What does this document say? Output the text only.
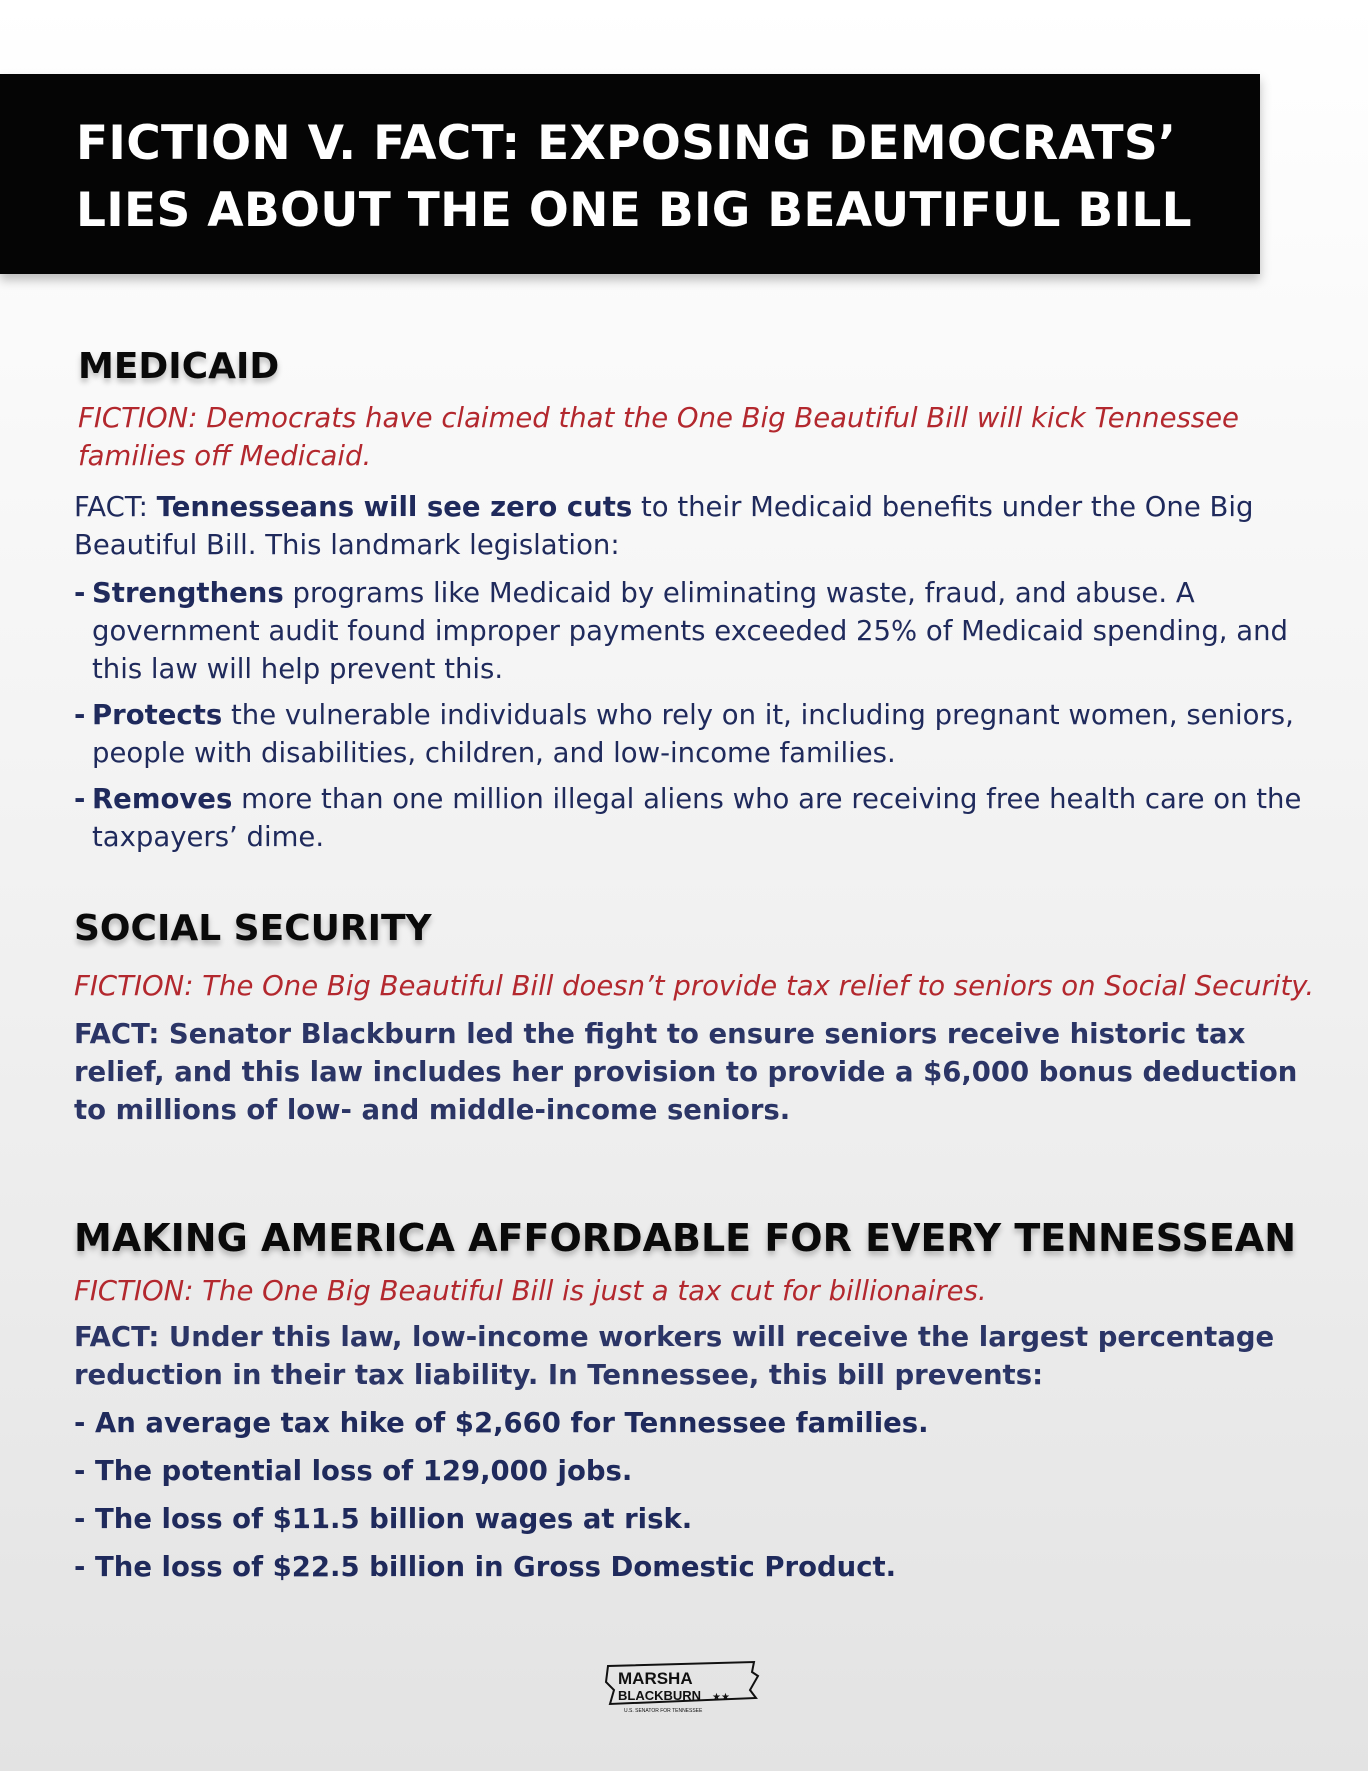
FICTION V. FACT: EXPOSING DEMOCRATS’
LIES ABOUT THE ONE BIG BEAUTIFUL BILL
MEDICAID

FICTION: Democrats have claimed that the One Big Beautiful Bill will kick Tennessee families off Medicaid.

FACT: Tennesseans will see zero cuts to their Medicaid benefits under the One Big Beautiful Bill. This landmark legislation:

- Strengthens programs like Medicaid by eliminating waste, fraud, and abuse. A government audit found improper payments exceeded 25% of Medicaid spending, and this law will help prevent this.
- Protects the vulnerable individuals who rely on it, including pregnant women, seniors, people with disabilities, children, and low-income families.
- Removes more than one million illegal aliens who are receiving free health care on the taxpayers’ dime.
SOCIAL SECURITY

FICTION: The One Big Beautiful Bill doesn’t provide tax relief to seniors on Social Security.

FACT: Senator Blackburn led the fight to ensure seniors receive historic tax relief, and this law includes her provision to provide a $6,000 bonus deduction to millions of low- and middle-income seniors.

MAKING AMERICA AFFORDABLE FOR EVERY TENNESSEAN

FICTION: The One Big Beautiful Bill is just a tax cut for billionaires.

FACT: Under this law, low-income workers will receive the largest percentage reduction in their tax liability. In Tennessee, this bill prevents:

- An average tax hike of $2,660 for Tennessee families.
- The potential loss of 129,000 jobs.
- The loss of $11.5 billion wages at risk.
- The loss of $22.5 billion in Gross Domestic Product.
MARSHA
BLACKBURN ★★
U.S. SENATOR FOR TENNESSEE
